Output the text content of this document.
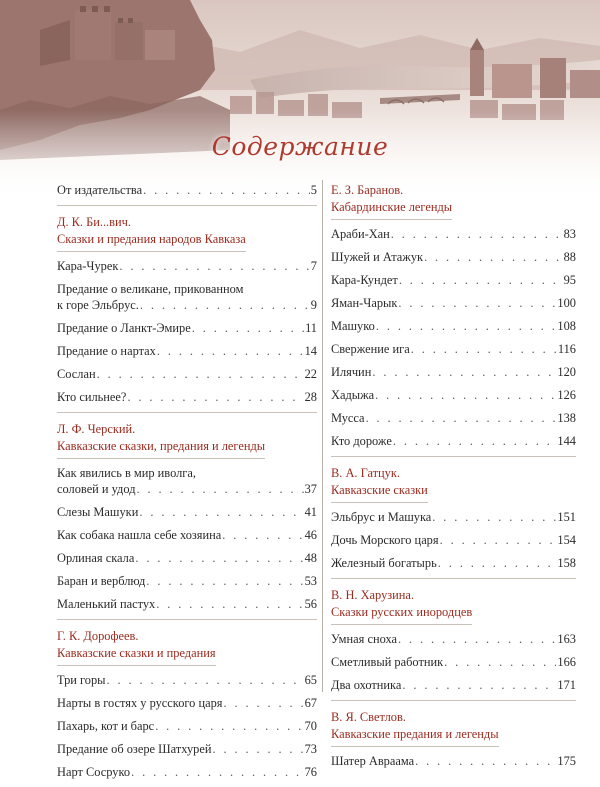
Содержание
От издательства . . .	5
Д. К. Би...вич.
Сказки и предания народов Кавказа
Кара-Чурек . . .	7
Предание о великане, прикованном
к горе Эльбрус. . . .	9
Предание о Ланкт-Эмире . . .	11
Предание о нартах . . .	14
Сослан . . .	22
Кто сильнее? . . .	28
Л. Ф. Черский.
Кавказские сказки, предания и легенды
Как явились в мир иволга,
соловей и удод . . .	37
Слезы Машуки . . .	41
Как собака нашла себе хозяина . . .	46
Орлиная скала . . .	48
Баран и верблюд . . .	53
Маленький пастух . . .	56
Г. К. Дорофеев.
Кавказские сказки и предания
Три горы . . .	65
Нарты в гостях у русского царя . . .	67
Пахарь, кот и барс . . .	70
Предание об озере Шатхурей . . .	73
Нарт Сосруко . . .	76
Е. З. Баранов.
Кабардинские легенды
Араби-Хан . . .	83
Шужей и Атажук . . .	88
Кара-Кундет . . .	95
Яман-Чарык . . .	100
Машуко . . .	108
Свержение ига . . .	116
Илячин . . .	120
Хадыжа . . .	126
Мусса . . .	138
Кто дороже . . .	144
В. А. Гатцук.
Кавказские сказки
Эльбрус и Машука . . .	151
Дочь Морского царя . . .	154
Железный богатырь . . .	158
В. Н. Харузина.
Сказки русских инородцев
Умная сноха . . .	163
Сметливый работник . . .	166
Два охотника . . .	171
В. Я. Светлов.
Кавказские предания и легенды
Шатер Авраама . . .	175
